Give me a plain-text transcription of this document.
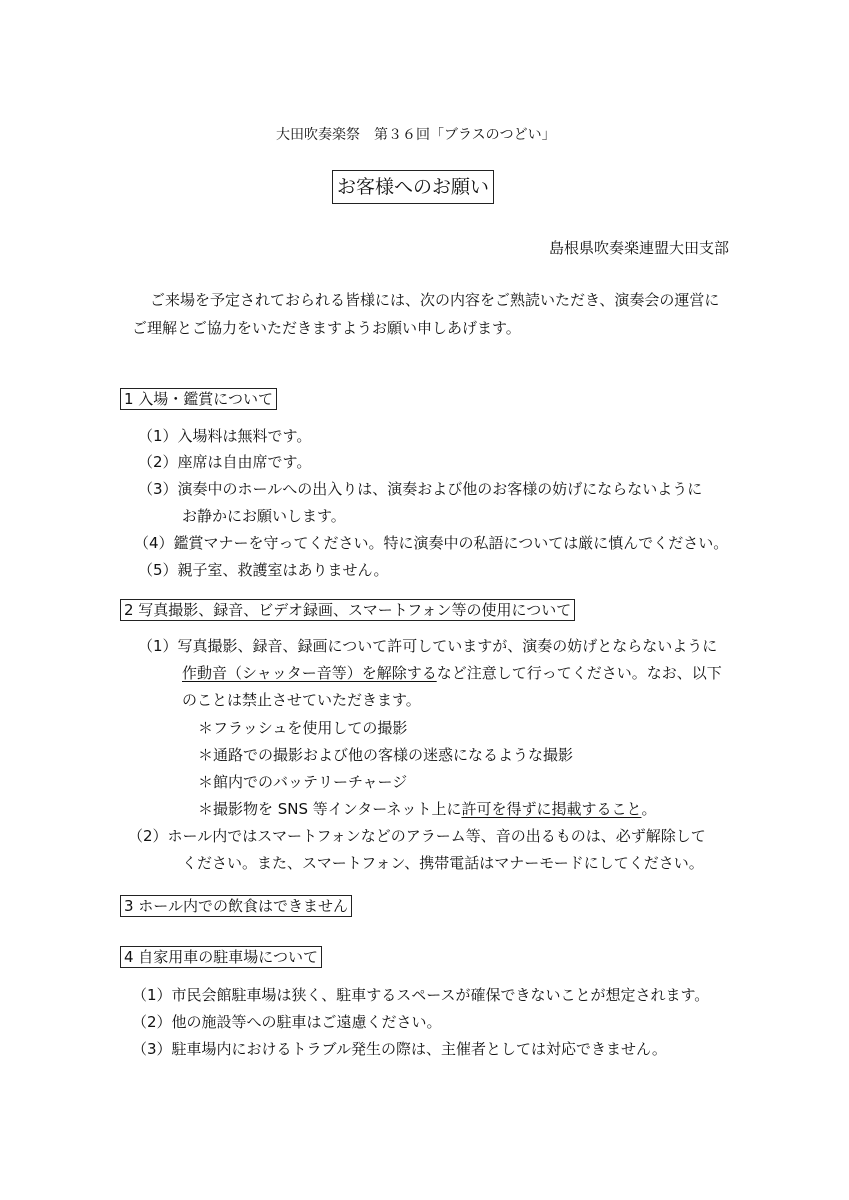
大田吹奏楽祭　第３６回「ブラスのつどい」
お客様へのお願い
島根県吹奏楽連盟大田支部
ご来場を予定されておられる皆様には、次の内容をご熟読いただき、演奏会の運営に
ご理解とご協力をいただきますようお願い申しあげます。
1 入場・鑑賞について
（1）入場料は無料です。
（2）座席は自由席です。
（3）演奏中のホールへの出入りは、演奏および他のお客様の妨げにならないように
お静かにお願いします。
（4）鑑賞マナーを守ってください。特に演奏中の私語については厳に慎んでください。
（5）親子室、救護室はありません。
2 写真撮影、録音、ビデオ録画、スマートフォン等の使用について
（1）写真撮影、録音、録画について許可していますが、演奏の妨げとならないように
作動音（シャッター音等）を解除するなど注意して行ってください。なお、以下
のことは禁止させていただきます。
＊フラッシュを使用しての撮影
＊通路での撮影および他の客様の迷惑になるような撮影
＊館内でのバッテリーチャージ
＊撮影物を SNS 等インターネット上に許可を得ずに掲載すること。
（2）ホール内ではスマートフォンなどのアラーム等、音の出るものは、必ず解除して
ください。また、スマートフォン、携帯電話はマナーモードにしてください。
3 ホール内での飲食はできません
4 自家用車の駐車場について
（1）市民会館駐車場は狭く、駐車するスペースが確保できないことが想定されます。
（2）他の施設等への駐車はご遠慮ください。
（3）駐車場内におけるトラブル発生の際は、主催者としては対応できません。
